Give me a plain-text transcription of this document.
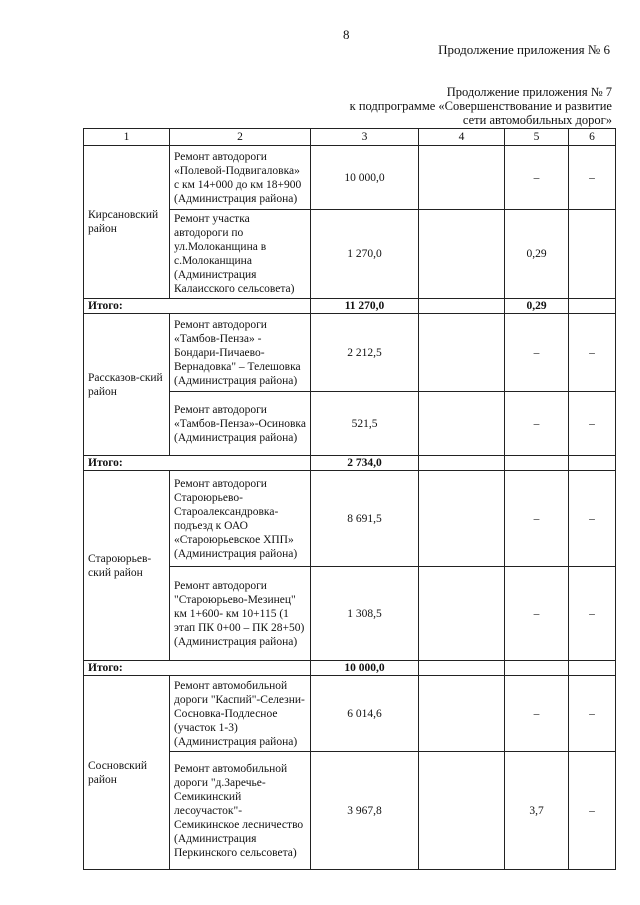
8
Продолжение приложения № 6
Продолжение приложения № 7
к подпрограмме «Совершенствование и развитие
сети автомобильных дорог»
1	2	3	4	5	6
Кирсановский район	Ремонт автодороги «Полевой-Подвигаловка» с км 14+000 до км 18+900 (Администрация района)	10 000,0		–	–
	Ремонт участка автодороги по ул.Молоканщина в с.Молоканщина (Администрация Калаисского сельсовета)	1 270,0		0,29	
Итого:		11 270,0		0,29	
Рассказов-ский район	Ремонт автодороги «Тамбов-Пенза» - Бондари-Пичаево-Вернадовка" – Телешовка (Администрация района)	2 212,5		–	–
	Ремонт автодороги «Тамбов-Пенза»-Осиновка (Администрация района)	521,5		–	–
Итого:		2 734,0			
Староюрьев-ский район	Ремонт автодороги Староюрьево-Староалександровка-подъезд к ОАО «Староюрьевское ХПП» (Администрация района)	8 691,5		–	–
	Ремонт автодороги "Староюрьево-Мезинец" км 1+600- км 10+115 (1 этап ПК 0+00 – ПК 28+50) (Администрация района)	1 308,5		–	–
Итого:		10 000,0			
Сосновский район	Ремонт автомобильной дороги "Каспий"-Селезни-Сосновка-Подлесное (участок 1-3) (Администрация района)	6 014,6		–	–
	Ремонт автомобильной дороги "д.Заречье-Семикинский лесоучасток"-Семикинское лесничество (Администрация Перкинского сельсовета)	3 967,8		3,7	–
